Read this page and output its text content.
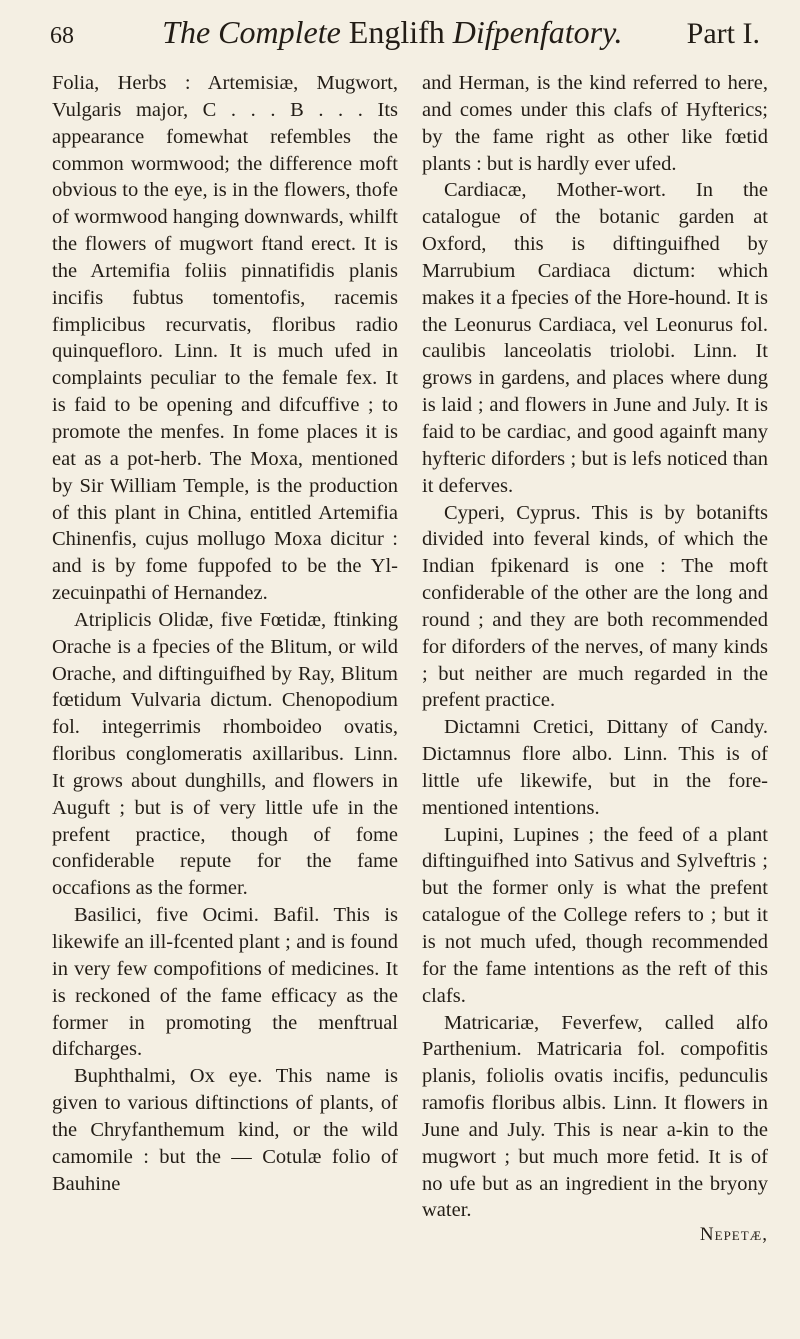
68	The Complete Englifh Difpenfatory.	Part I.

Folia, Herbs : Artemisiæ, Mugwort, Vulgaris major, C . . . B . . . Its appearance fomewhat refembles the common wormwood; the difference moft obvious to the eye, is in the flowers, thofe of wormwood hanging downwards, whilft the flowers of mugwort ftand erect. It is the Artemifia foliis pinnatifidis planis incifis fubtus tomentofis, racemis fimplicibus recurvatis, floribus radio quinquefloro. Linn. It is much ufed in complaints peculiar to the female fex. It is faid to be opening and difcuffive ; to promote the menfes. In fome places it is eat as a pot-herb. The Moxa, mentioned by Sir William Temple, is the production of this plant in China, entitled Artemifia Chinenfis, cujus mollugo Moxa dicitur : and is by fome fuppofed to be the Yl-zecuinpathi of Hernandez.

Atriplicis Olidæ, five Fœtidæ, ftinking Orache is a fpecies of the Blitum, or wild Orache, and diftinguifhed by Ray, Blitum fœtidum Vulvaria dictum. Chenopodium fol. integerrimis rhomboideo ovatis, floribus conglomeratis axillaribus. Linn. It grows about dunghills, and flowers in Auguft ; but is of very little ufe in the prefent practice, though of fome confiderable repute for the fame occafions as the former.

Basilici, five Ocimi. Bafil. This is likewife an ill-fcented plant ; and is found in very few compofitions of medicines. It is reckoned of the fame efficacy as the former in promoting the menftrual difcharges.

Buphthalmi, Ox eye. This name is given to various diftinctions of plants, of the Chryfanthemum kind, or the wild camomile : but the — Cotulæ folio of Bauhine

and Herman, is the kind referred to here, and comes under this clafs of Hyfterics; by the fame right as other like fœtid plants : but is hardly ever ufed.

Cardiacæ, Mother-wort. In the catalogue of the botanic garden at Oxford, this is diftinguifhed by Marrubium Cardiaca dictum: which makes it a fpecies of the Hore-hound. It is the Leonurus Cardiaca, vel Leonurus fol. caulibis lanceolatis triolobi. Linn. It grows in gardens, and places where dung is laid ; and flowers in June and July. It is faid to be cardiac, and good againft many hyfteric diforders ; but is lefs noticed than it deferves.

Cyperi, Cyprus. This is by botanifts divided into feveral kinds, of which the Indian fpikenard is one : The moft confiderable of the other are the long and round ; and they are both recommended for diforders of the nerves, of many kinds ; but neither are much regarded in the prefent practice.

Dictamni Cretici, Dittany of Candy. Dictamnus flore albo. Linn. This is of little ufe likewife, but in the fore-mentioned intentions.

Lupini, Lupines ; the feed of a plant diftinguifhed into Sativus and Sylveftris ; but the former only is what the prefent catalogue of the College refers to ; but it is not much ufed, though recommended for the fame intentions as the reft of this clafs.

Matricariæ, Feverfew, called alfo Parthenium. Matricaria fol. compofitis planis, foliolis ovatis incifis, pedunculis ramofis floribus albis. Linn. It flowers in June and July. This is near a-kin to the mugwort ; but much more fetid. It is of no ufe but as an ingredient in the bryony water.

Nepetæ,
